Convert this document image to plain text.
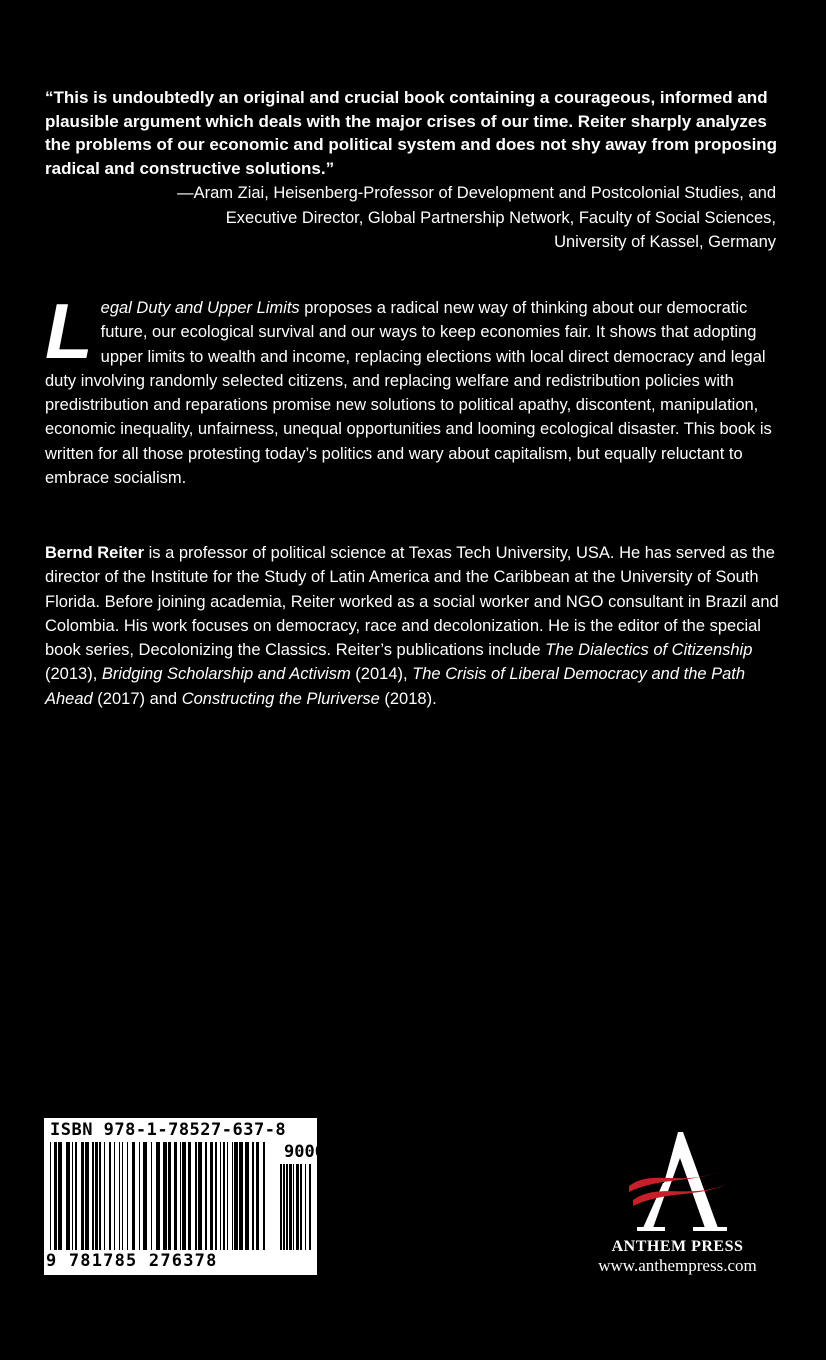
“This is undoubtedly an original and crucial book containing a courageous, informed and plausible argument which deals with the major crises of our time. Reiter sharply analyzes the problems of our economic and political system and does not shy away from proposing radical and constructive solutions.”

—Aram Ziai, Heisenberg-Professor of Development and Postcolonial Studies, and
Executive Director, Global Partnership Network, Faculty of Social Sciences,
University of Kassel, Germany

Legal Duty and Upper Limits proposes a radical new way of thinking about our democratic future, our ecological survival and our ways to keep economies fair. It shows that adopting upper limits to wealth and income, replacing elections with local direct democracy and legal duty involving randomly selected citizens, and replacing welfare and redistribution policies with predistribution and reparations promise new solutions to political apathy, discontent, manipulation, economic inequality, unfairness, unequal opportunities and looming ecological disaster. This book is written for all those protesting today’s politics and wary about capitalism, but equally reluctant to embrace socialism.

Bernd Reiter is a professor of political science at Texas Tech University, USA. He has served as the director of the Institute for the Study of Latin America and the Caribbean at the University of South Florida. Before joining academia, Reiter worked as a social worker and NGO consultant in Brazil and Colombia. His work focuses on democracy, race and decolonization. He is the editor of the special book series, Decolonizing the Classics. Reiter’s publications include The Dialectics of Citizenship (2013), Bridging Scholarship and Activism (2014), The Crisis of Liberal Democracy and the Path Ahead (2017) and Constructing the Pluriverse (2018).

ISBN 978-1-78527-637-8
90000
9 781785 276378
ANTHEM PRESS
www.anthempress.com
